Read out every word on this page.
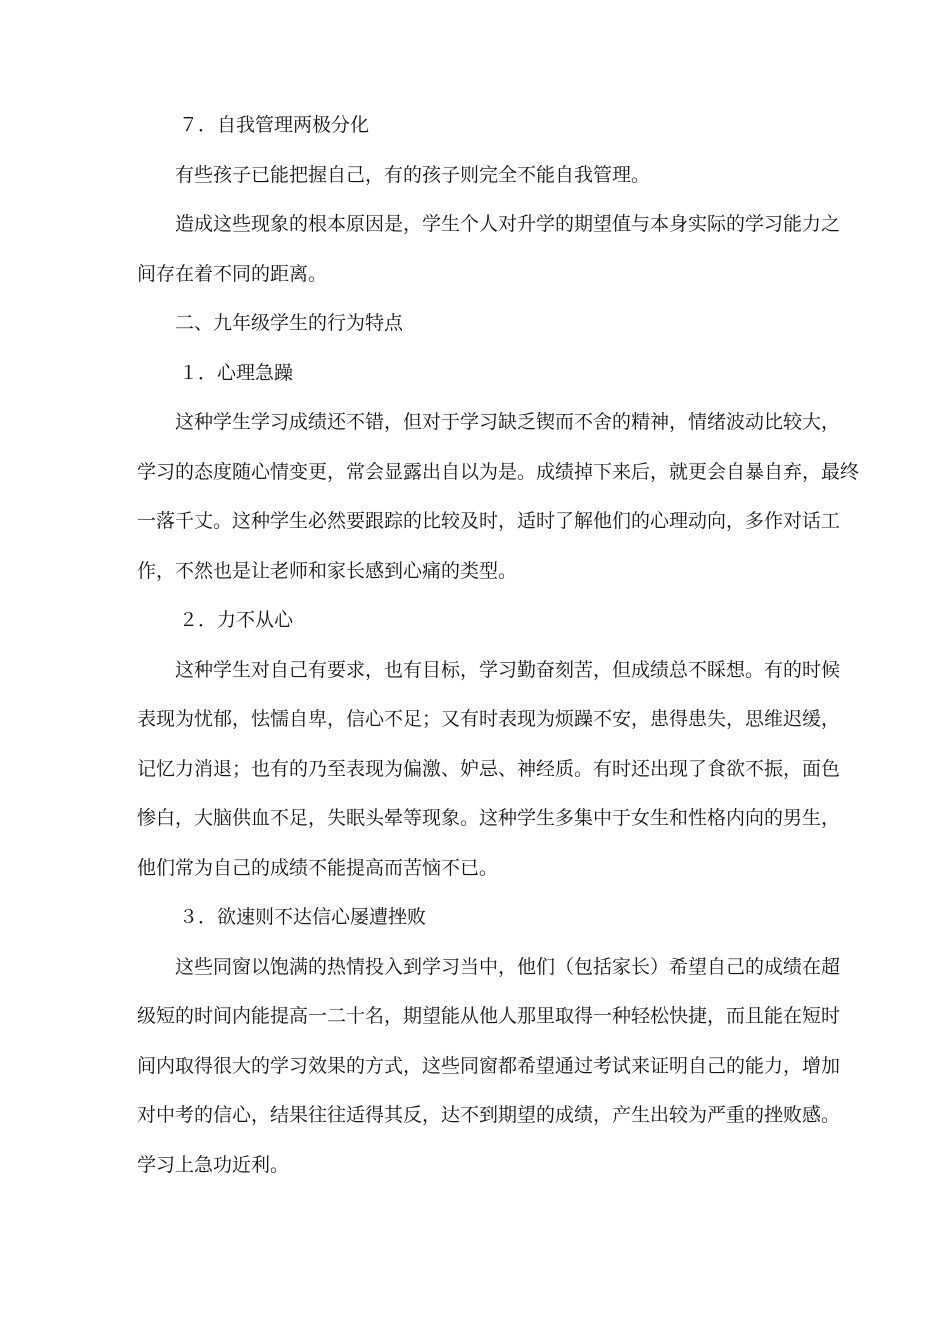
７．自我管理两极分化

有些孩子已能把握自己，有的孩子则完全不能自我管理。

造成这些现象的根本原因是，学生个人对升学的期望值与本身实际的学习能力之

间存在着不同的距离。

二、九年级学生的行为特点

１．心理急躁

这种学生学习成绩还不错，但对于学习缺乏锲而不舍的精神，情绪波动比较大，

学习的态度随心情变更，常会显露出自以为是。成绩掉下来后，就更会自暴自弃，最终

一落千丈。这种学生必然要跟踪的比较及时，适时了解他们的心理动向，多作对话工

作，不然也是让老师和家长感到心痛的类型。

２．力不从心

这种学生对自己有要求，也有目标，学习勤奋刻苦，但成绩总不睬想。有的时候

表现为忧郁，怯懦自卑，信心不足；又有时表现为烦躁不安，患得患失，思维迟缓，

记忆力消退；也有的乃至表现为偏激、妒忌、神经质。有时还出现了食欲不振，面色

惨白，大脑供血不足，失眠头晕等现象。这种学生多集中于女生和性格内向的男生，

他们常为自己的成绩不能提高而苦恼不已。

３．欲速则不达信心屡遭挫败

这些同窗以饱满的热情投入到学习当中，他们（包括家长）希望自己的成绩在超

级短的时间内能提高一二十名，期望能从他人那里取得一种轻松快捷，而且能在短时

间内取得很大的学习效果的方式，这些同窗都希望通过考试来证明自己的能力，增加

对中考的信心，结果往往适得其反，达不到期望的成绩，产生出较为严重的挫败感。

学习上急功近利。
